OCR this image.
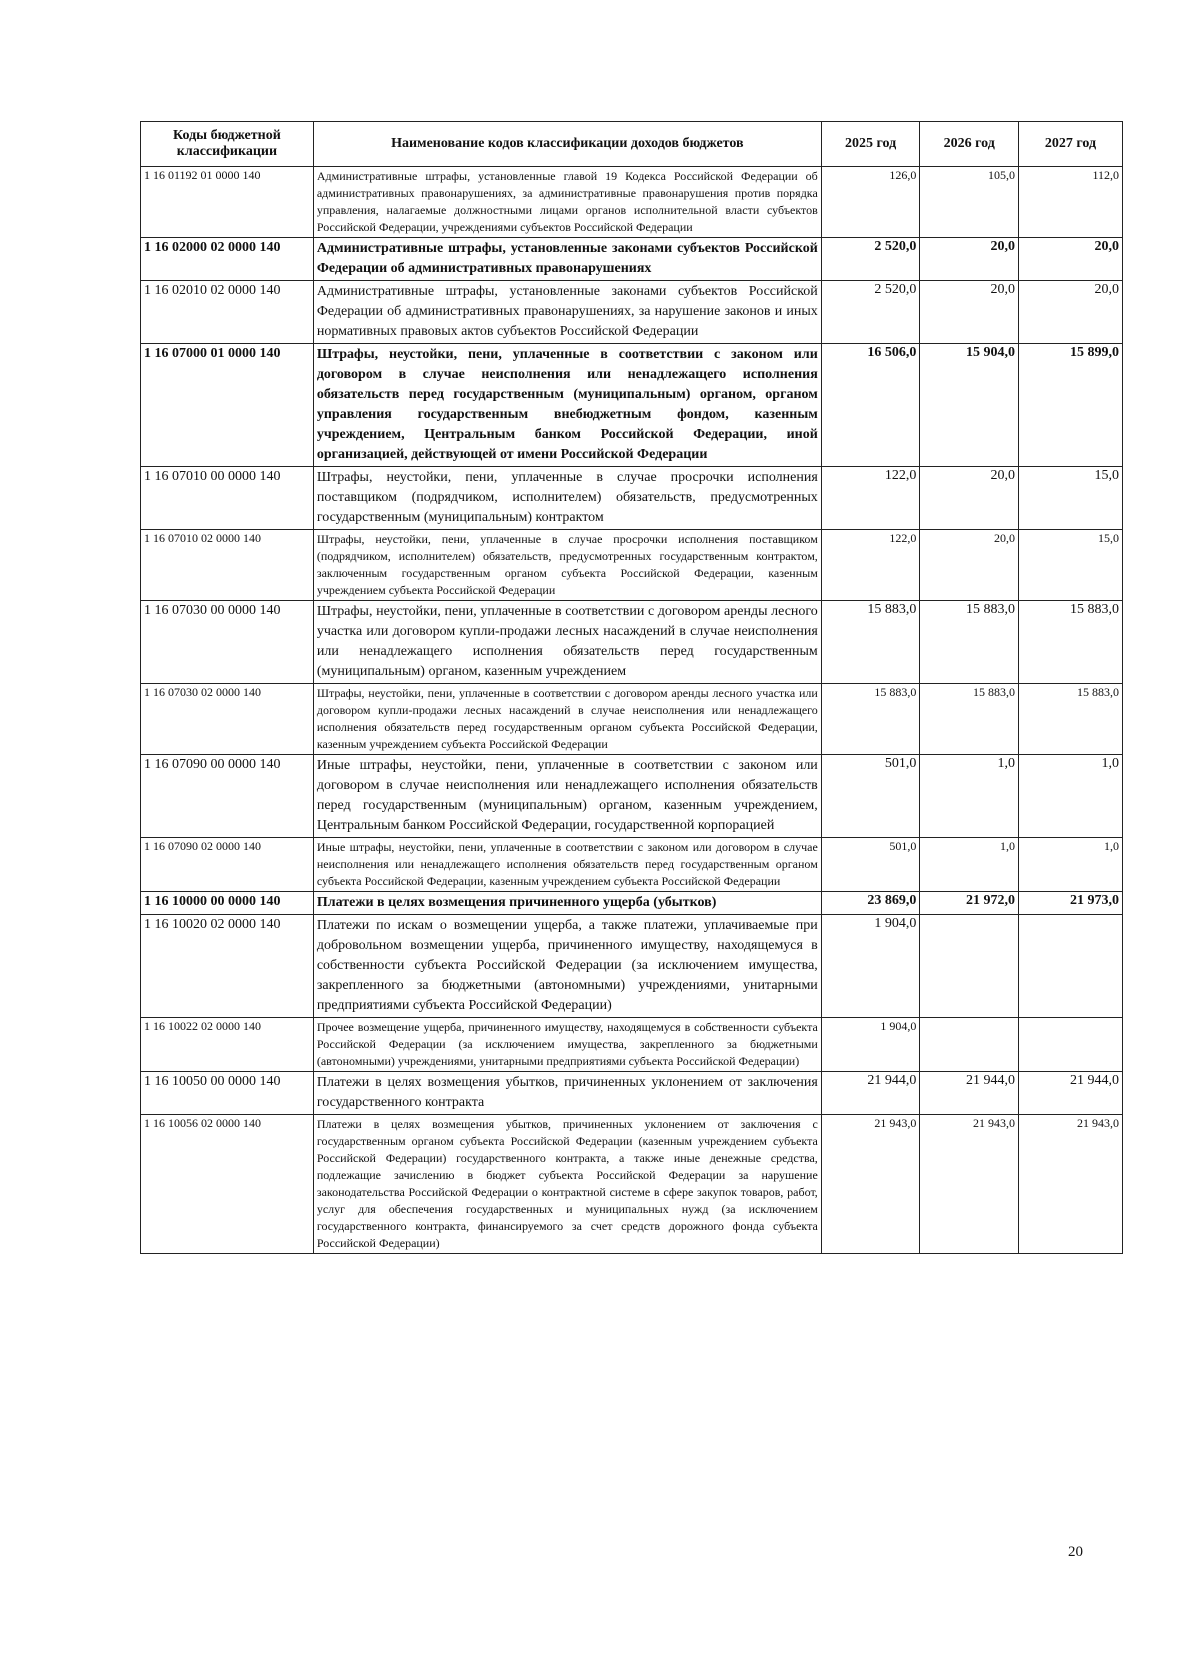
Коды бюджетной классификации	Наименование кодов классификации доходов бюджетов	2025 год	2026 год	2027 год
1 16 01192 01 0000 140	Административные штрафы, установленные главой 19 Кодекса Российской Федерации об административных правонарушениях, за административные правонарушения против порядка управления, налагаемые должностными лицами органов исполнительной власти субъектов Российской Федерации, учреждениями субъектов Российской Федерации	126,0	105,0	112,0
1 16 02000 02 0000 140	Административные штрафы, установленные законами субъектов Российской Федерации об административных правонарушениях	2 520,0	20,0	20,0
1 16 02010 02 0000 140	Административные штрафы, установленные законами субъектов Российской Федерации об административных правонарушениях, за нарушение законов и иных нормативных правовых актов субъектов Российской Федерации	2 520,0	20,0	20,0
1 16 07000 01 0000 140	Штрафы, неустойки, пени, уплаченные в соответствии с законом или договором в случае неисполнения или ненадлежащего исполнения обязательств перед государственным (муниципальным) органом, органом управления государственным внебюджетным фондом, казенным учреждением, Центральным банком Российской Федерации, иной организацией, действующей от имени Российской Федерации	16 506,0	15 904,0	15 899,0
1 16 07010 00 0000 140	Штрафы, неустойки, пени, уплаченные в случае просрочки исполнения поставщиком (подрядчиком, исполнителем) обязательств, предусмотренных государственным (муниципальным) контрактом	122,0	20,0	15,0
1 16 07010 02 0000 140	Штрафы, неустойки, пени, уплаченные в случае просрочки исполнения поставщиком (подрядчиком, исполнителем) обязательств, предусмотренных государственным контрактом, заключенным государственным органом субъекта Российской Федерации, казенным учреждением субъекта Российской Федерации	122,0	20,0	15,0
1 16 07030 00 0000 140	Штрафы, неустойки, пени, уплаченные в соответствии с договором аренды лесного участка или договором купли-продажи лесных насаждений в случае неисполнения или ненадлежащего исполнения обязательств перед государственным (муниципальным) органом, казенным учреждением	15 883,0	15 883,0	15 883,0
1 16 07030 02 0000 140	Штрафы, неустойки, пени, уплаченные в соответствии с договором аренды лесного участка или договором купли-продажи лесных насаждений в случае неисполнения или ненадлежащего исполнения обязательств перед государственным органом субъекта Российской Федерации, казенным учреждением субъекта Российской Федерации	15 883,0	15 883,0	15 883,0
1 16 07090 00 0000 140	Иные штрафы, неустойки, пени, уплаченные в соответствии с законом или договором в случае неисполнения или ненадлежащего исполнения обязательств перед государственным (муниципальным) органом, казенным учреждением, Центральным банком Российской Федерации, государственной корпорацией	501,0	1,0	1,0
1 16 07090 02 0000 140	Иные штрафы, неустойки, пени, уплаченные в соответствии с законом или договором в случае неисполнения или ненадлежащего исполнения обязательств перед государственным органом субъекта Российской Федерации, казенным учреждением субъекта Российской Федерации	501,0	1,0	1,0
1 16 10000 00 0000 140	Платежи в целях возмещения причиненного ущерба (убытков)	23 869,0	21 972,0	21 973,0
1 16 10020 02 0000 140	Платежи по искам о возмещении ущерба, а также платежи, уплачиваемые при добровольном возмещении ущерба, причиненного имуществу, находящемуся в собственности субъекта Российской Федерации (за исключением имущества, закрепленного за бюджетными (автономными) учреждениями, унитарными предприятиями субъекта Российской Федерации)	1 904,0		
1 16 10022 02 0000 140	Прочее возмещение ущерба, причиненного имуществу, находящемуся в собственности субъекта Российской Федерации (за исключением имущества, закрепленного за бюджетными (автономными) учреждениями, унитарными предприятиями субъекта Российской Федерации)	1 904,0		
1 16 10050 00 0000 140	Платежи в целях возмещения убытков, причиненных уклонением от заключения государственного контракта	21 944,0	21 944,0	21 944,0
1 16 10056 02 0000 140	Платежи в целях возмещения убытков, причиненных уклонением от заключения с государственным органом субъекта Российской Федерации (казенным учреждением субъекта Российской Федерации) государственного контракта, а также иные денежные средства, подлежащие зачислению в бюджет субъекта Российской Федерации за нарушение законодательства Российской Федерации о контрактной системе в сфере закупок товаров, работ, услуг для обеспечения государственных и муниципальных нужд (за исключением государственного контракта, финансируемого за счет средств дорожного фонда субъекта Российской Федерации)	21 943,0	21 943,0	21 943,0
20
